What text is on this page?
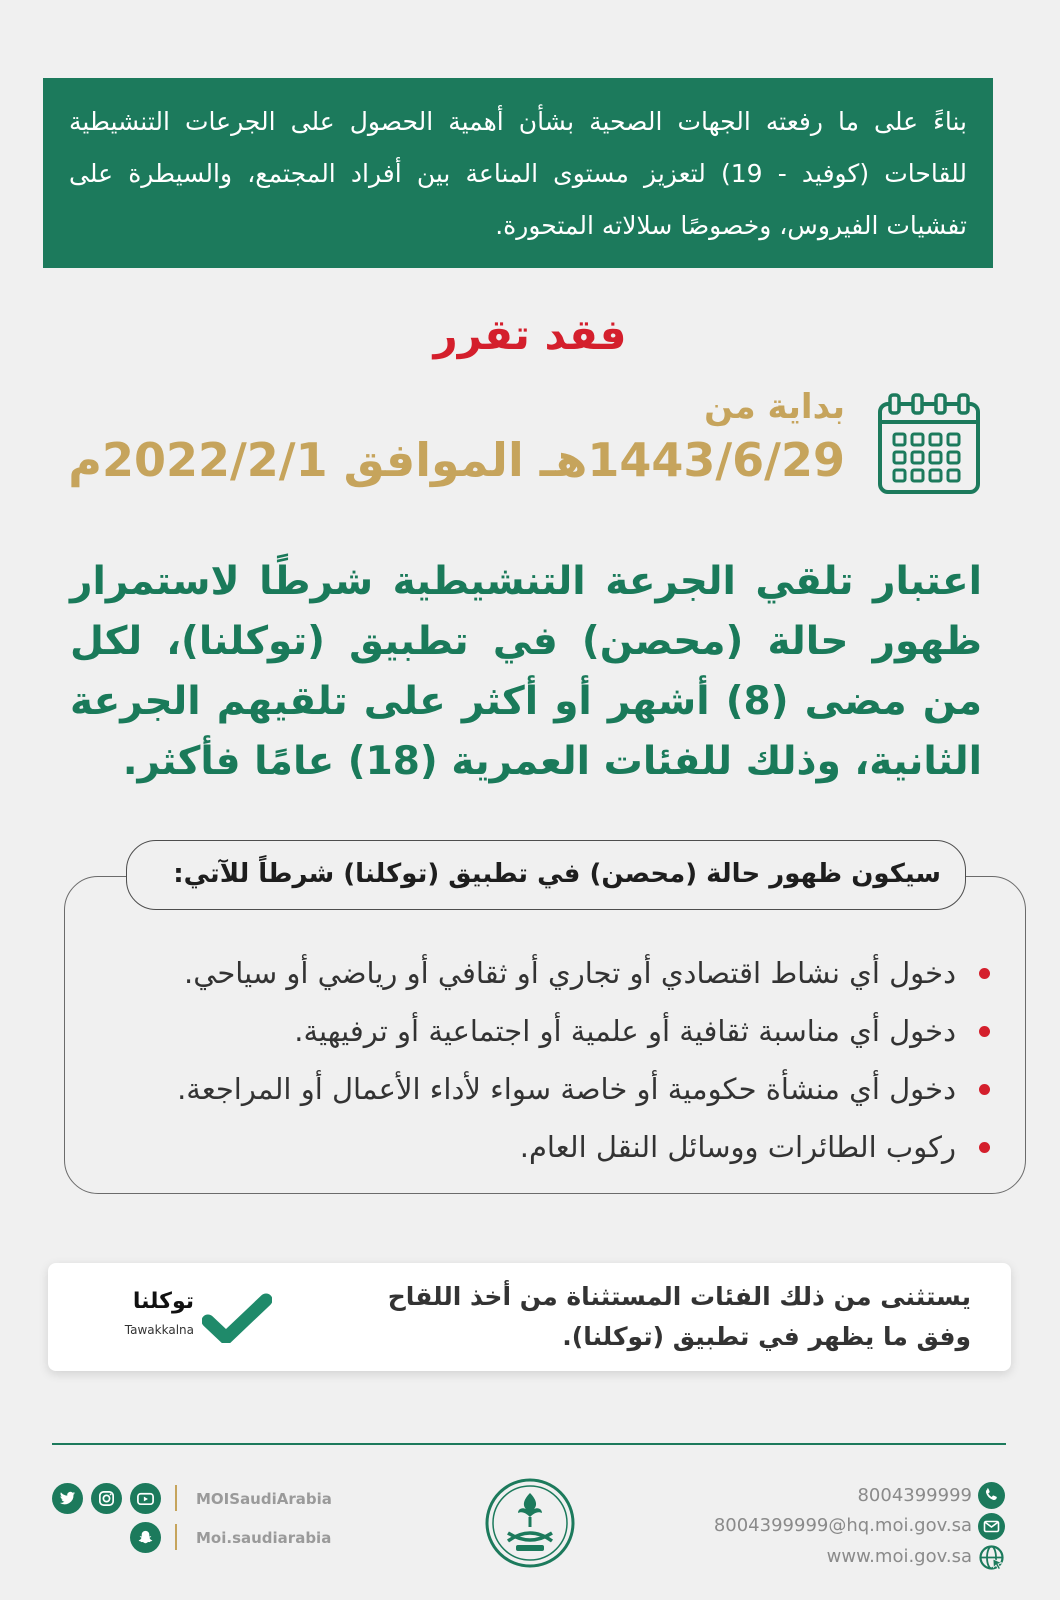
بناءً على ما رفعته الجهات الصحية بشأن أهمية الحصول على الجرعات التنشيطية للقاحات (كوفيد - 19) لتعزيز مستوى المناعة بين أفراد المجتمع، والسيطرة على تفشيات الفيروس، وخصوصًا سلالاته المتحورة.
فقد تقرر
بداية من
1443/6/29هـ الموافق 2022/2/1م
اعتبار تلقي الجرعة التنشيطية شرطًا لاستمرار ظهور حالة (محصن) في تطبيق (توكلنا)، لكل من مضى (8) أشهر أو أكثر على تلقيهم الجرعة الثانية، وذلك للفئات العمرية (18) عامًا فأكثر.
سيكون ظهور حالة (محصن) في تطبيق (توكلنا) شرطاً للآتي:
دخول أي نشاط اقتصادي أو تجاري أو ثقافي أو رياضي أو سياحي.
دخول أي مناسبة ثقافية أو علمية أو اجتماعية أو ترفيهية.
دخول أي منشأة حكومية أو خاصة سواء لأداء الأعمال أو المراجعة.
ركوب الطائرات ووسائل النقل العام.
يستثنى من ذلك الفئات المستثناة من أخذ اللقاح وفق ما يظهر في تطبيق (توكلنا).
توكلنا
Tawakkalna
MOISaudiArabia
Moi.saudiarabia
8004399999
8004399999@hq.moi.gov.sa
www.moi.gov.sa
